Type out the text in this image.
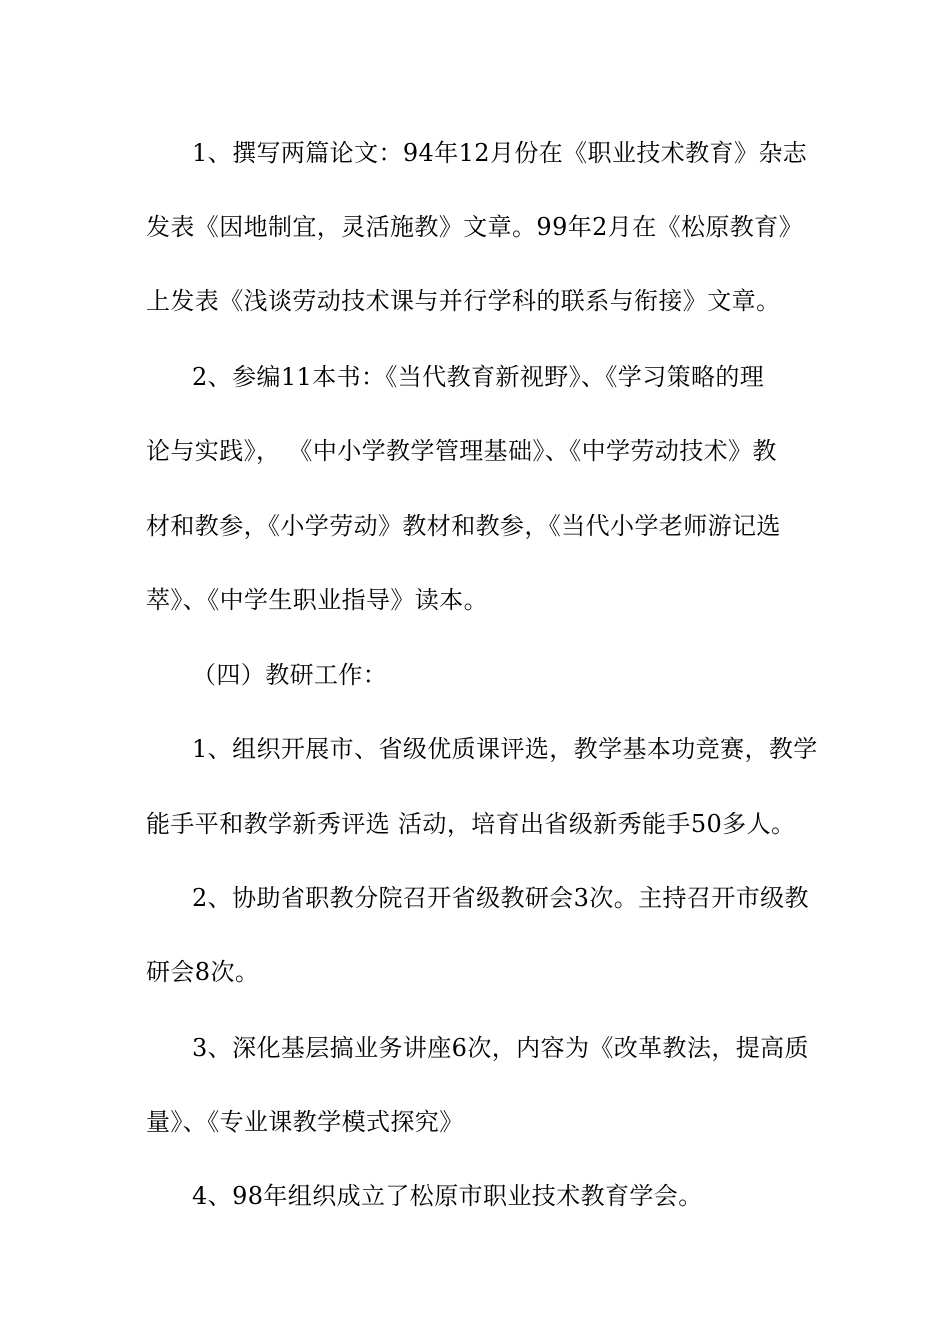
1、撰写两篇论文：94年12月份在《职业技术教育》杂志
发表《因地制宜，灵活施教》文章。99年2月在《松原教育》
上发表《浅谈劳动技术课与并行学科的联系与衔接》文章。
2、参编11本书：《当代教育新视野》、《学习策略的理
论与实践》， 《中小学教学管理基础》、《中学劳动技术》教
材和教参，《小学劳动》教材和教参，《当代小学老师游记选
萃》、《中学生职业指导》读本。
（四）教研工作：
1、组织开展市、省级优质课评选，教学基本功竞赛，教学
能手平和教学新秀评选 活动，培育出省级新秀能手50多人。
2、协助省职教分院召开省级教研会3次。主持召开市级教
研会8次。
3、深化基层搞业务讲座6次，内容为《改革教法，提高质
量》、《专业课教学模式探究》
4、98年组织成立了松原市职业技术教育学会。
